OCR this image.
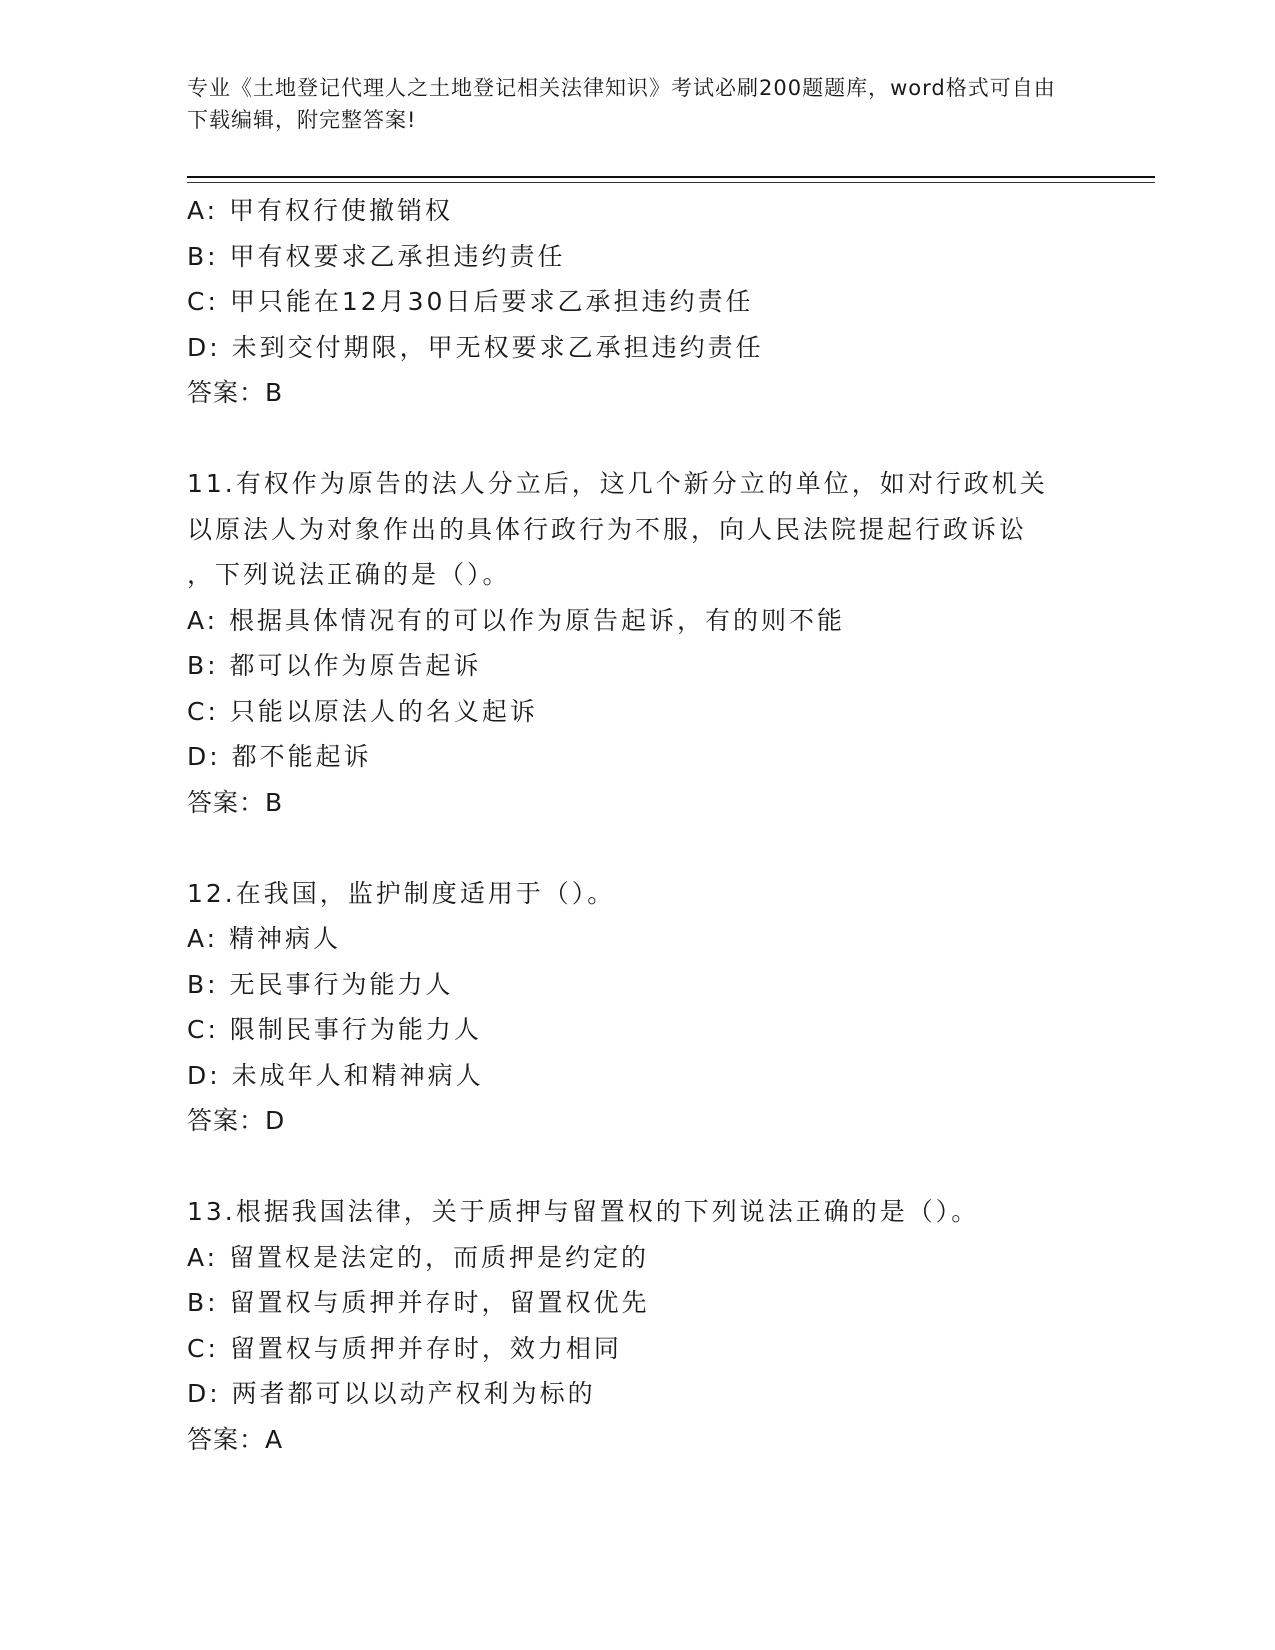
专业《土地登记代理人之土地登记相关法律知识》考试必刷200题题库，word格式可自由下载编辑，附完整答案!
A: 甲有权行使撤销权
B: 甲有权要求乙承担违约责任
C: 甲只能在12月30日后要求乙承担违约责任
D: 未到交付期限，甲无权要求乙承担违约责任
答案：B
11.有权作为原告的法人分立后，这几个新分立的单位，如对行政机关
以原法人为对象作出的具体行政行为不服，向人民法院提起行政诉讼
，下列说法正确的是（）。
A: 根据具体情况有的可以作为原告起诉，有的则不能
B: 都可以作为原告起诉
C: 只能以原法人的名义起诉
D: 都不能起诉
答案：B
12.在我国，监护制度适用于（）。
A: 精神病人
B: 无民事行为能力人
C: 限制民事行为能力人
D: 未成年人和精神病人
答案：D
13.根据我国法律，关于质押与留置权的下列说法正确的是（）。
A: 留置权是法定的，而质押是约定的
B: 留置权与质押并存时，留置权优先
C: 留置权与质押并存时，效力相同
D: 两者都可以以动产权利为标的
答案：A
